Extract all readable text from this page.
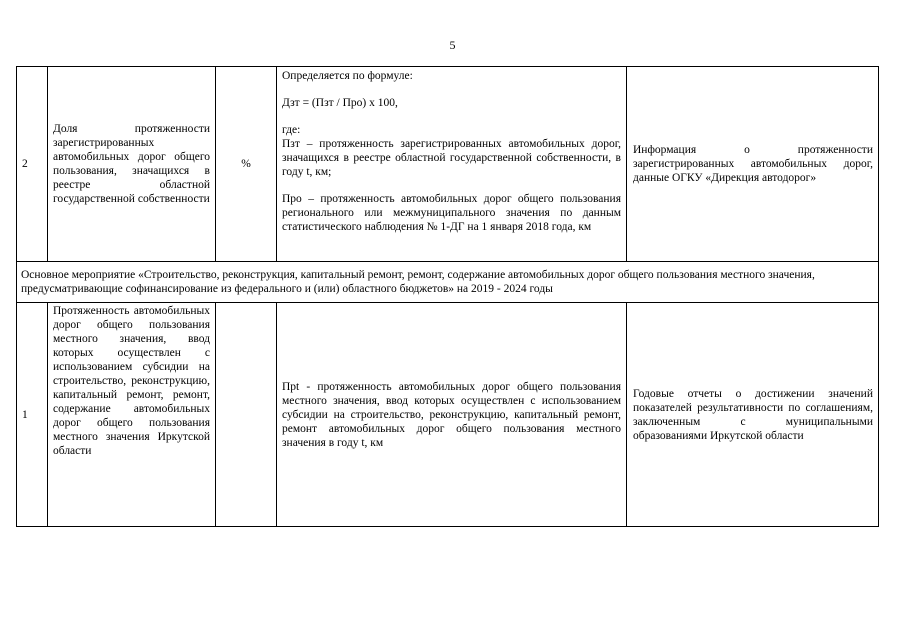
5
2
Доля протяженности зарегистрированных автомобильных дорог общего пользования, значащихся в реестре областной государственной собственности
%

Определяется по формуле:

Дзт = (Пзт / Про) х 100,

где:

Пзт – протяженность зарегистрированных автомобильных дорог, значащихся в реестре областной государственной собственности, в году t, км;

Про – протяженность автомобильных дорог общего пользования регионального или межмуниципального значения по данным статистического наблюдения № 1-ДГ на 1 января 2018 года, км

Информация о протяженности зарегистрированных автомобильных дорог, данные ОГКУ «Дирекция автодорог»
Основное мероприятие «Строительство, реконструкция, капитальный ремонт, ремонт, содержание автомобильных дорог общего пользования местного значения, предусматривающие софинансирование из федерального и (или) областного бюджетов» на 2019 - 2024 годы
1
Протяженность автомобильных дорог общего пользования местного значения, ввод которых осуществлен с использованием субсидии на строительство, реконструкцию, капитальный ремонт, ремонт, содержание автомобильных дорог общего пользования местного значения Иркутской области
Прt - протяженность автомобильных дорог общего пользования местного значения, ввод которых осуществлен с использованием субсидии на строительство, реконструкцию, капитальный ремонт, ремонт автомобильных дорог общего пользования местного значения в году t, км
Годовые отчеты о достижении значений показателей результативности по соглашениям, заключенным с муниципальными образованиями Иркутской области
